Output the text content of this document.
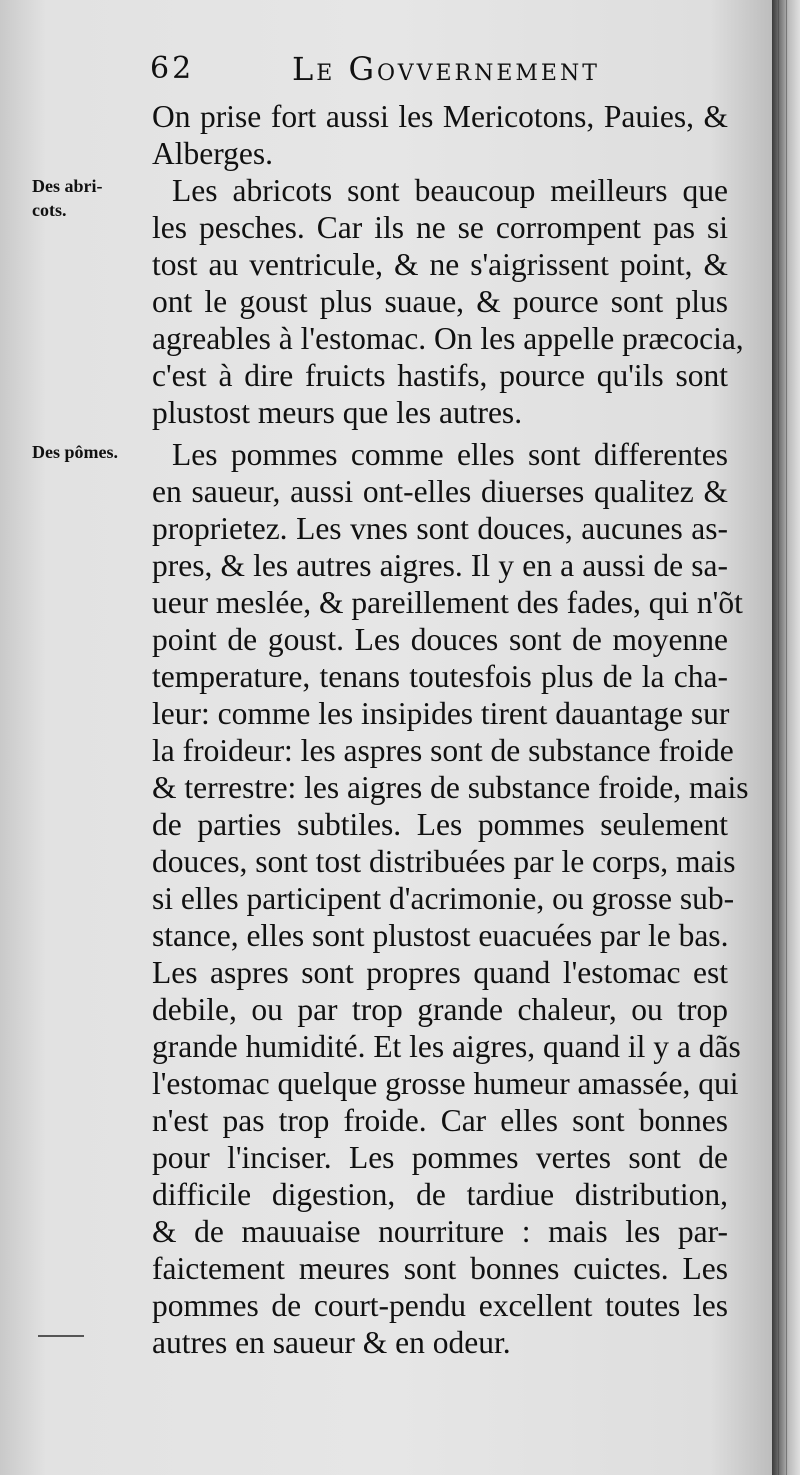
62	Le Govvernement
Des abri-
cots.
Des pômes.
On prise fort aussi les Mericotons, Pauies, &
Alberges.
Les abricots sont beaucoup meilleurs que
les pesches. Car ils ne se corrompent pas si
tost au ventricule, & ne s'aigrissent point, &
ont le goust plus suaue, & pource sont plus
agreables à l'estomac. On les appelle præcocia,
c'est à dire fruicts hastifs, pource qu'ils sont
plustost meurs que les autres.
Les pommes comme elles sont differentes
en saueur, aussi ont-elles diuerses qualitez &
proprietez. Les vnes sont douces, aucunes as-
pres, & les autres aigres. Il y en a aussi de sa-
ueur meslée, & pareillement des fades, qui n'õt
point de goust. Les douces sont de moyenne
temperature, tenans toutesfois plus de la cha-
leur: comme les insipides tirent dauantage sur
la froideur: les aspres sont de substance froide
& terrestre: les aigres de substance froide, mais
de parties subtiles. Les pommes seulement
douces, sont tost distribuées par le corps, mais
si elles participent d'acrimonie, ou grosse sub-
stance, elles sont plustost euacuées par le bas.
Les aspres sont propres quand l'estomac est
debile, ou par trop grande chaleur, ou trop
grande humidité. Et les aigres, quand il y a dãs
l'estomac quelque grosse humeur amassée, qui
n'est pas trop froide. Car elles sont bonnes
pour l'inciser. Les pommes vertes sont de
difficile digestion, de tardiue distribution,
& de mauuaise nourriture : mais les par-
faictement meures sont bonnes cuictes. Les
pommes de court-pendu excellent toutes les
autres en saueur & en odeur.
